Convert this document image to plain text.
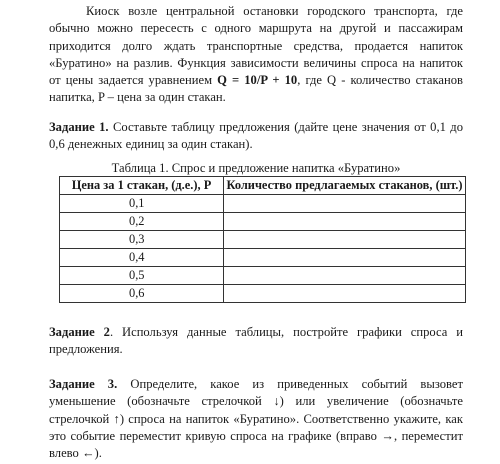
Киоск возле центральной остановки городского транспорта, где обычно можно пересесть с одного маршрута на другой и пассажирам приходится долго ждать транспортные средства, продается напиток «Буратино» на разлив. Функция зависимости величины спроса на напиток от цены задается уравнением Q = 10/P + 10, где Q - количество стаканов напитка, P – цена за один стакан.

Задание 1. Составьте таблицу предложения (дайте цене значения от 0,1 до 0,6 денежных единиц за один стакан).

Таблица 1. Спрос и предложение напитка «Буратино»
Цена за 1 стакан, (д.е.), Р	Количество предлагаемых стаканов, (шт.)
0,1	
0,2	
0,3	
0,4	
0,5	
0,6	

Задание 2. Используя данные таблицы, постройте графики спроса и предложения.

Задание 3. Определите, какое из приведенных событий вызовет уменьшение (обозначьте стрелочкой ↓) или увеличение (обозначьте стрелочкой ↑) спроса на напиток «Буратино». Соответственно укажите, как это событие переместит кривую спроса на графике (вправо →, переместит влево ←).
